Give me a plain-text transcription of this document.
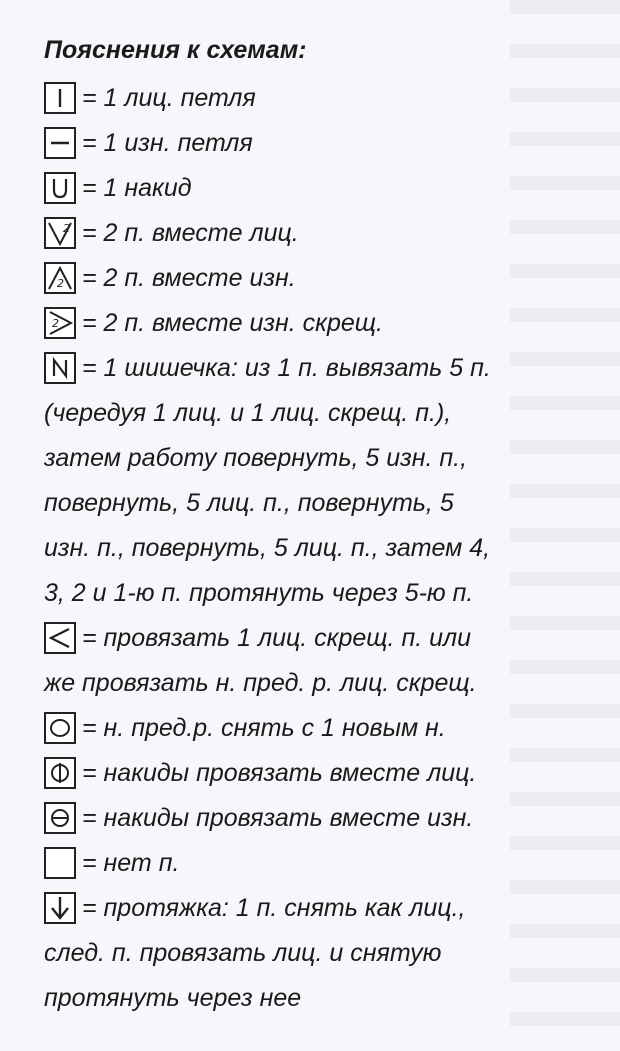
Пояснения к схемам:
= 1 лиц. петля
= 1 изн. петля
= 1 накид
2 = 2 п. вместе лиц.
2 = 2 п. вместе изн.
2 = 2 п. вместе изн. скрещ.
= 1 шишечка: из 1 п. вывязать 5 п.
(чередуя 1 лиц. и 1 лиц. скрещ. п.),
затем работу повернуть, 5 изн. п.,
повернуть, 5 лиц. п., повернуть, 5
изн. п., повернуть, 5 лиц. п., затем 4,
3, 2 и 1-ю п. протянуть через 5-ю п.
= провязать 1 лиц. скрещ. п. или
же провязать н. пред. р. лиц. скрещ.
= н. пред.р. снять с 1 новым н.
= накиды провязать вместе лиц.
= накиды провязать вместе изн.
= нет п.
= протяжка: 1 п. снять как лиц.,
след. п. провязать лиц. и снятую
протянуть через нее
